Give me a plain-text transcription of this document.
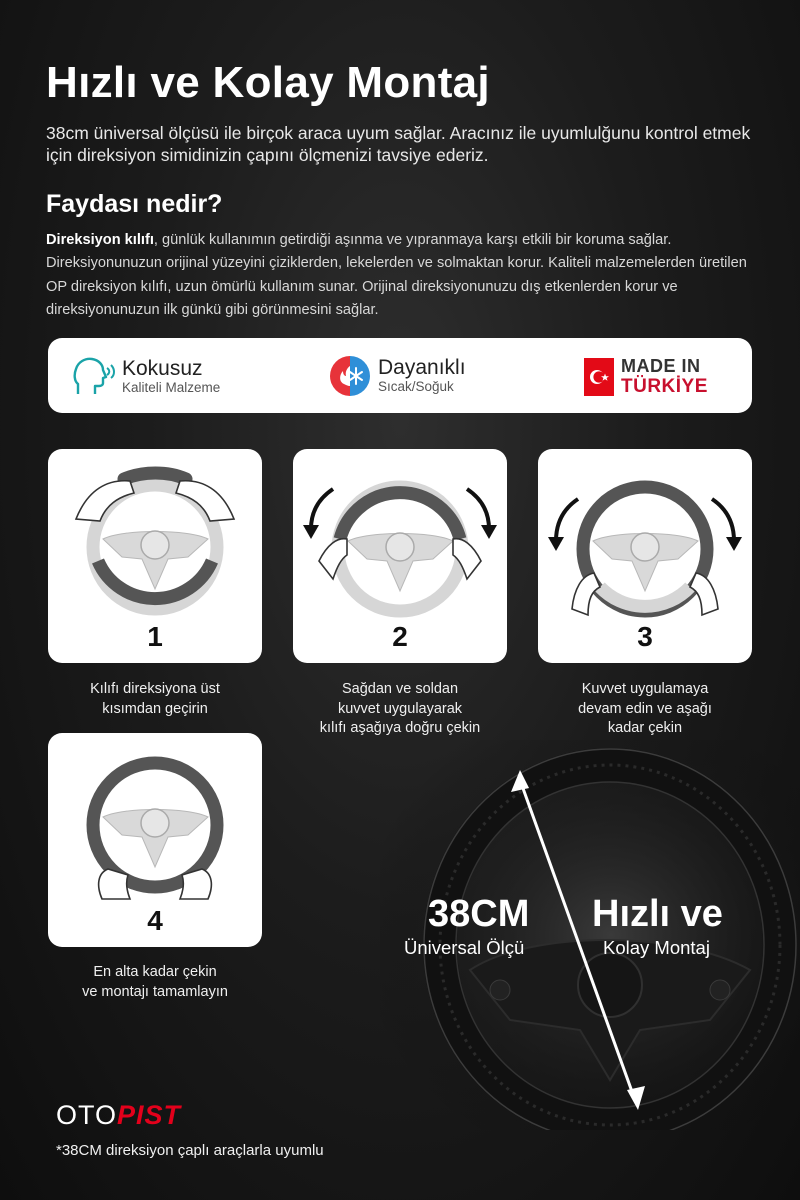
Hızlı ve Kolay Montaj
38cm üniversal ölçüsü ile birçok araca uyum sağlar. Aracınız ile uyumlulğunu kontrol etmek için direksiyon simidinizin çapını ölçmenizi tavsiye ederiz.
Faydası nedir?
Direksiyon kılıfı, günlük kullanımın getirdiği aşınma ve yıpranmaya karşı etkili bir koruma sağlar. Direksiyonunuzun orijinal yüzeyini çiziklerden, lekelerden ve solmaktan korur. Kaliteli malzemelerden üretilen OP direksiyon kılıfı, uzun ömürlü kullanım sunar. Orijinal direksiyonunuzu dış etkenlerden korur ve direksiyonunuzun ilk günkü gibi görünmesini sağlar.
Kokusuz
Kaliteli Malzeme
Dayanıklı
Sıcak/Soğuk
MADE IN
TÜRKİYE
1
Kılıfı direksiyona üst
kısımdan geçirin
2
Sağdan ve soldan
kuvvet uygulayarak
kılıfı aşağıya doğru çekin
3
Kuvvet uygulamaya
devam edin ve aşağı
kadar çekin
4
En alta kadar çekin
ve montajı tamamlayın
38CM
Üniversal Ölçü
Hızlı ve
Kolay Montaj
OTOPIST
*38CM direksiyon çaplı araçlarla uyumlu
